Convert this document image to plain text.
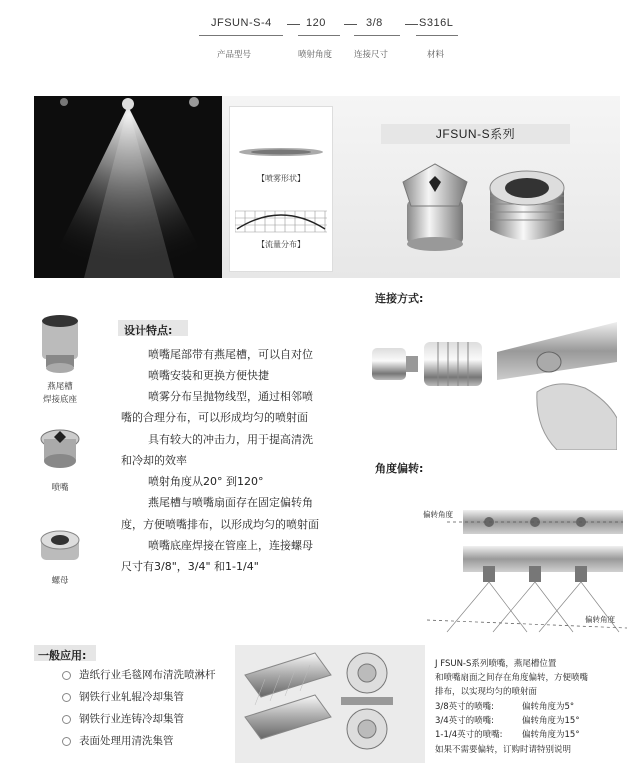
JFSUN-S-4	120	3/8	S316L
产品型号	喷射角度	连接尺寸	材料
【喷雾形状】
【流量分布】
JFSUN-S系列
燕尾槽
焊接底座
喷嘴
螺母
设计特点:
喷嘴尾部带有燕尾槽，可以自对位
喷嘴安装和更换方便快捷
喷雾分布呈抛物线型，通过相邻喷
嘴的合理分布，可以形成均匀的喷射面
具有较大的冲击力，用于提高清洗
和冷却的效率
喷射角度从20° 到120°
燕尾槽与喷嘴扇面存在固定偏转角
度，方便喷嘴排布，以形成均匀的喷射面
喷嘴底座焊接在管座上，连接螺母
尺寸有3/8"，3/4" 和1-1/4"
连接方式:
角度偏转:
偏转角度
偏转角度
J FSUN-S系列喷嘴，燕尾槽位置
和喷嘴扇面之间存在角度偏转，方便喷嘴
排布，以实现均匀的喷射面
3/8英寸的喷嘴:	偏转角度为5°
3/4英寸的喷嘴:	偏转角度为15°
1-1/4英寸的喷嘴: 偏转角度为15°
如果不需要偏转，订购时请特别说明
一般应用:
造纸行业毛毯网布清洗喷淋杆
钢铁行业轧辊冷却集管
钢铁行业连铸冷却集管
表面处理用清洗集管
